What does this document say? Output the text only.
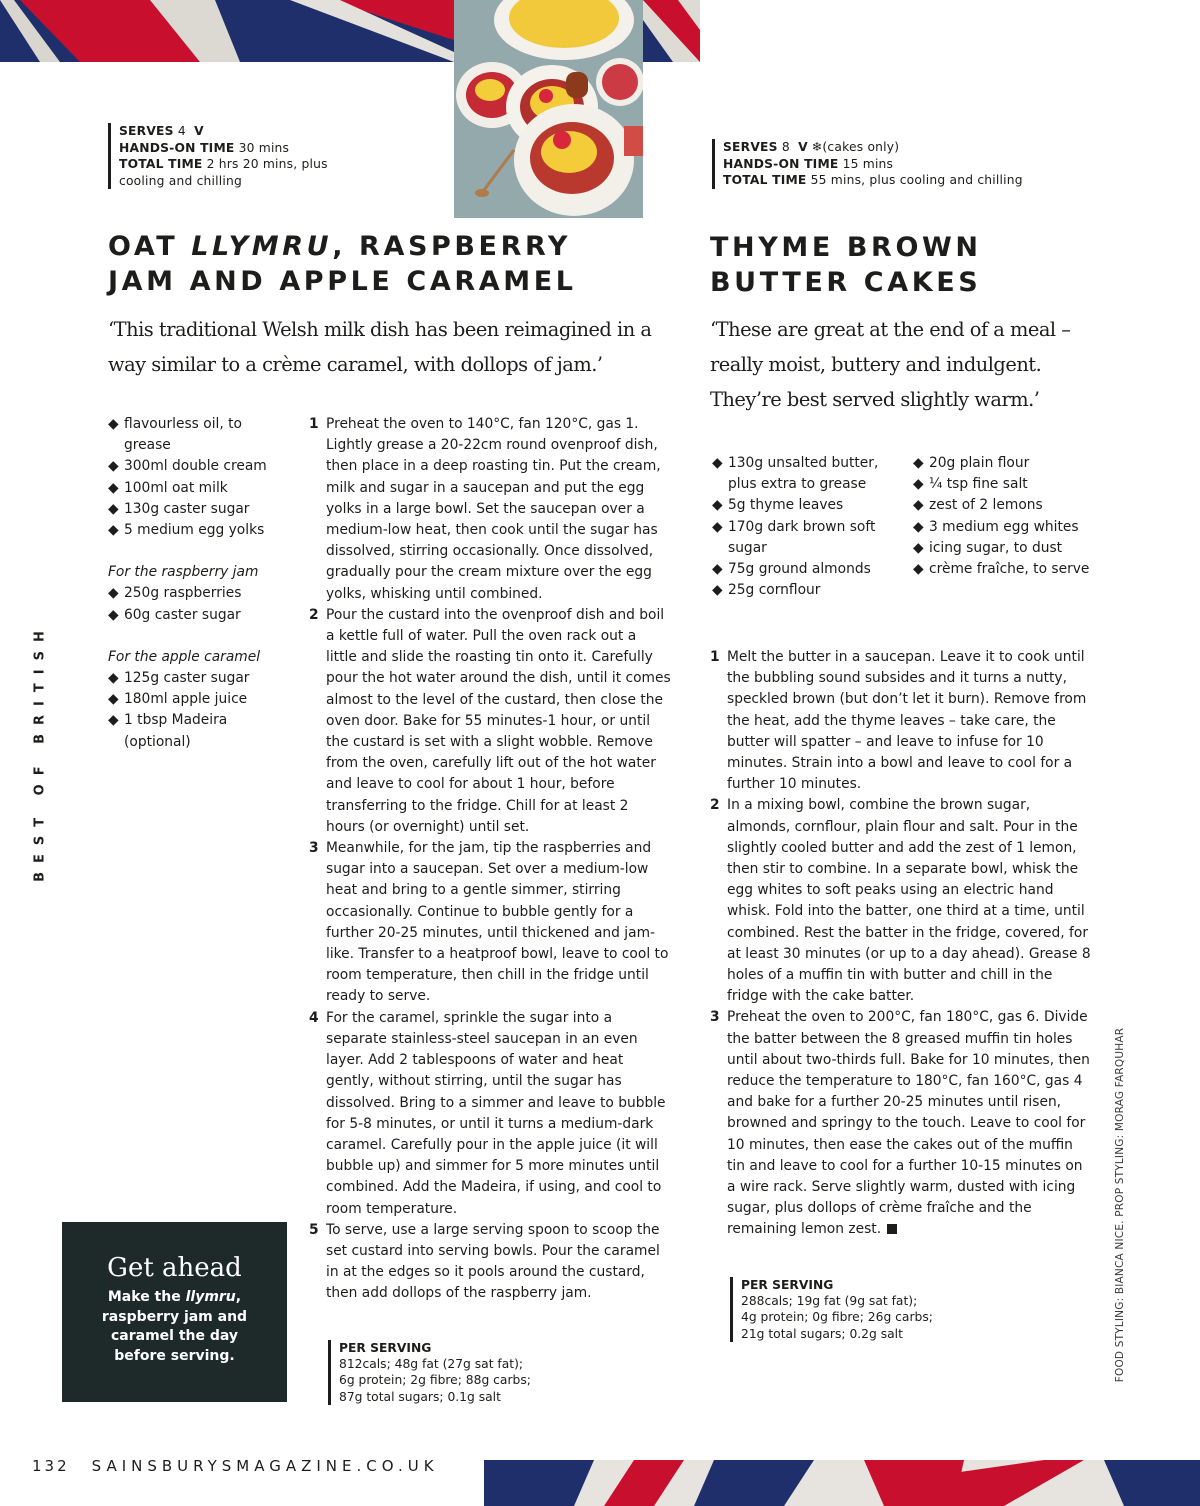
SERVES 4 V
HANDS-ON TIME 30 mins
TOTAL TIME 2 hrs 20 mins, plus cooling and chilling
SERVES 8 V ❄(cakes only)
HANDS-ON TIME 15 mins
TOTAL TIME 55 mins, plus cooling and chilling
OAT LLYMRU, RASPBERRY JAM AND APPLE CARAMEL
THYME BROWN BUTTER CAKES

‘This traditional Welsh milk dish has been reimagined in a way similar to a crème caramel, with dollops of jam.’

‘These are great at the end of a meal – really moist, buttery and indulgent. They’re best served slightly warm.’

◆ flavourless oil, to grease
◆ 300ml double cream
◆ 100ml oat milk
◆ 130g caster sugar
◆ 5 medium egg yolks
For the raspberry jam
◆ 250g raspberries
◆ 60g caster sugar
For the apple caramel
◆ 125g caster sugar
◆ 180ml apple juice
◆ 1 tbsp Madeira (optional)
1 Preheat the oven to 140°C, fan 120°C, gas 1. Lightly grease a 20-22cm round ovenproof dish, then place in a deep roasting tin. Put the cream, milk and sugar in a saucepan and put the egg yolks in a large bowl. Set the saucepan over a medium-low heat, then cook until the sugar has dissolved, stirring occasionally. Once dissolved, gradually pour the cream mixture over the egg yolks, whisking until combined.
2 Pour the custard into the ovenproof dish and boil a kettle full of water. Pull the oven rack out a little and slide the roasting tin onto it. Carefully pour the hot water around the dish, until it comes almost to the level of the custard, then close the oven door. Bake for 55 minutes-1 hour, or until the custard is set with a slight wobble. Remove from the oven, carefully lift out of the hot water and leave to cool for about 1 hour, before transferring to the fridge. Chill for at least 2 hours (or overnight) until set.
3 Meanwhile, for the jam, tip the raspberries and sugar into a saucepan. Set over a medium-low heat and bring to a gentle simmer, stirring occasionally. Continue to bubble gently for a further 20-25 minutes, until thickened and jam-like. Transfer to a heatproof bowl, leave to cool to room temperature, then chill in the fridge until ready to serve.
4 For the caramel, sprinkle the sugar into a separate stainless-steel saucepan in an even layer. Add 2 tablespoons of water and heat gently, without stirring, until the sugar has dissolved. Bring to a simmer and leave to bubble for 5-8 minutes, or until it turns a medium-dark caramel. Carefully pour in the apple juice (it will bubble up) and simmer for 5 more minutes until combined. Add the Madeira, if using, and cool to room temperature.
5 To serve, use a large serving spoon to scoop the set custard into serving bowls. Pour the caramel in at the edges so it pools around the custard, then add dollops of the raspberry jam.
◆ 130g unsalted butter, plus extra to grease
◆ 5g thyme leaves
◆ 170g dark brown soft sugar
◆ 75g ground almonds
◆ 25g cornflour
◆ 20g plain flour
◆ ¼ tsp fine salt
◆ zest of 2 lemons
◆ 3 medium egg whites
◆ icing sugar, to dust
◆ crème fraîche, to serve
1 Melt the butter in a saucepan. Leave it to cook until the bubbling sound subsides and it turns a nutty, speckled brown (but don’t let it burn). Remove from the heat, add the thyme leaves – take care, the butter will spatter – and leave to infuse for 10 minutes. Strain into a bowl and leave to cool for a further 10 minutes.
2 In a mixing bowl, combine the brown sugar, almonds, cornflour, plain flour and salt. Pour in the slightly cooled butter and add the zest of 1 lemon, then stir to combine. In a separate bowl, whisk the egg whites to soft peaks using an electric hand whisk. Fold into the batter, one third at a time, until combined. Rest the batter in the fridge, covered, for at least 30 minutes (or up to a day ahead). Grease 8 holes of a muffin tin with butter and chill in the fridge with the cake batter.
3 Preheat the oven to 200°C, fan 180°C, gas 6. Divide the batter between the 8 greased muffin tin holes until about two-thirds full. Bake for 10 minutes, then reduce the temperature to 180°C, fan 160°C, gas 4 and bake for a further 20-25 minutes until risen, browned and springy to the touch. Leave to cool for 10 minutes, then ease the cakes out of the muffin tin and leave to cool for a further 10-15 minutes on a wire rack. Serve slightly warm, dusted with icing sugar, plus dollops of crème fraîche and the remaining lemon zest.
PER SERVING
812cals; 48g fat (27g sat fat);
6g protein; 2g fibre; 88g carbs;
87g total sugars; 0.1g salt
PER SERVING
288cals; 19g fat (9g sat fat);
4g protein; 0g fibre; 26g carbs;
21g total sugars; 0.2g salt
Get ahead
Make the llymru, raspberry jam and caramel the day before serving.
BEST OF BRITISH
FOOD STYLING: BIANCA NICE. PROP STYLING: MORAG FARQUHAR
132 SAINSBURYSMAGAZINE.CO.UK
